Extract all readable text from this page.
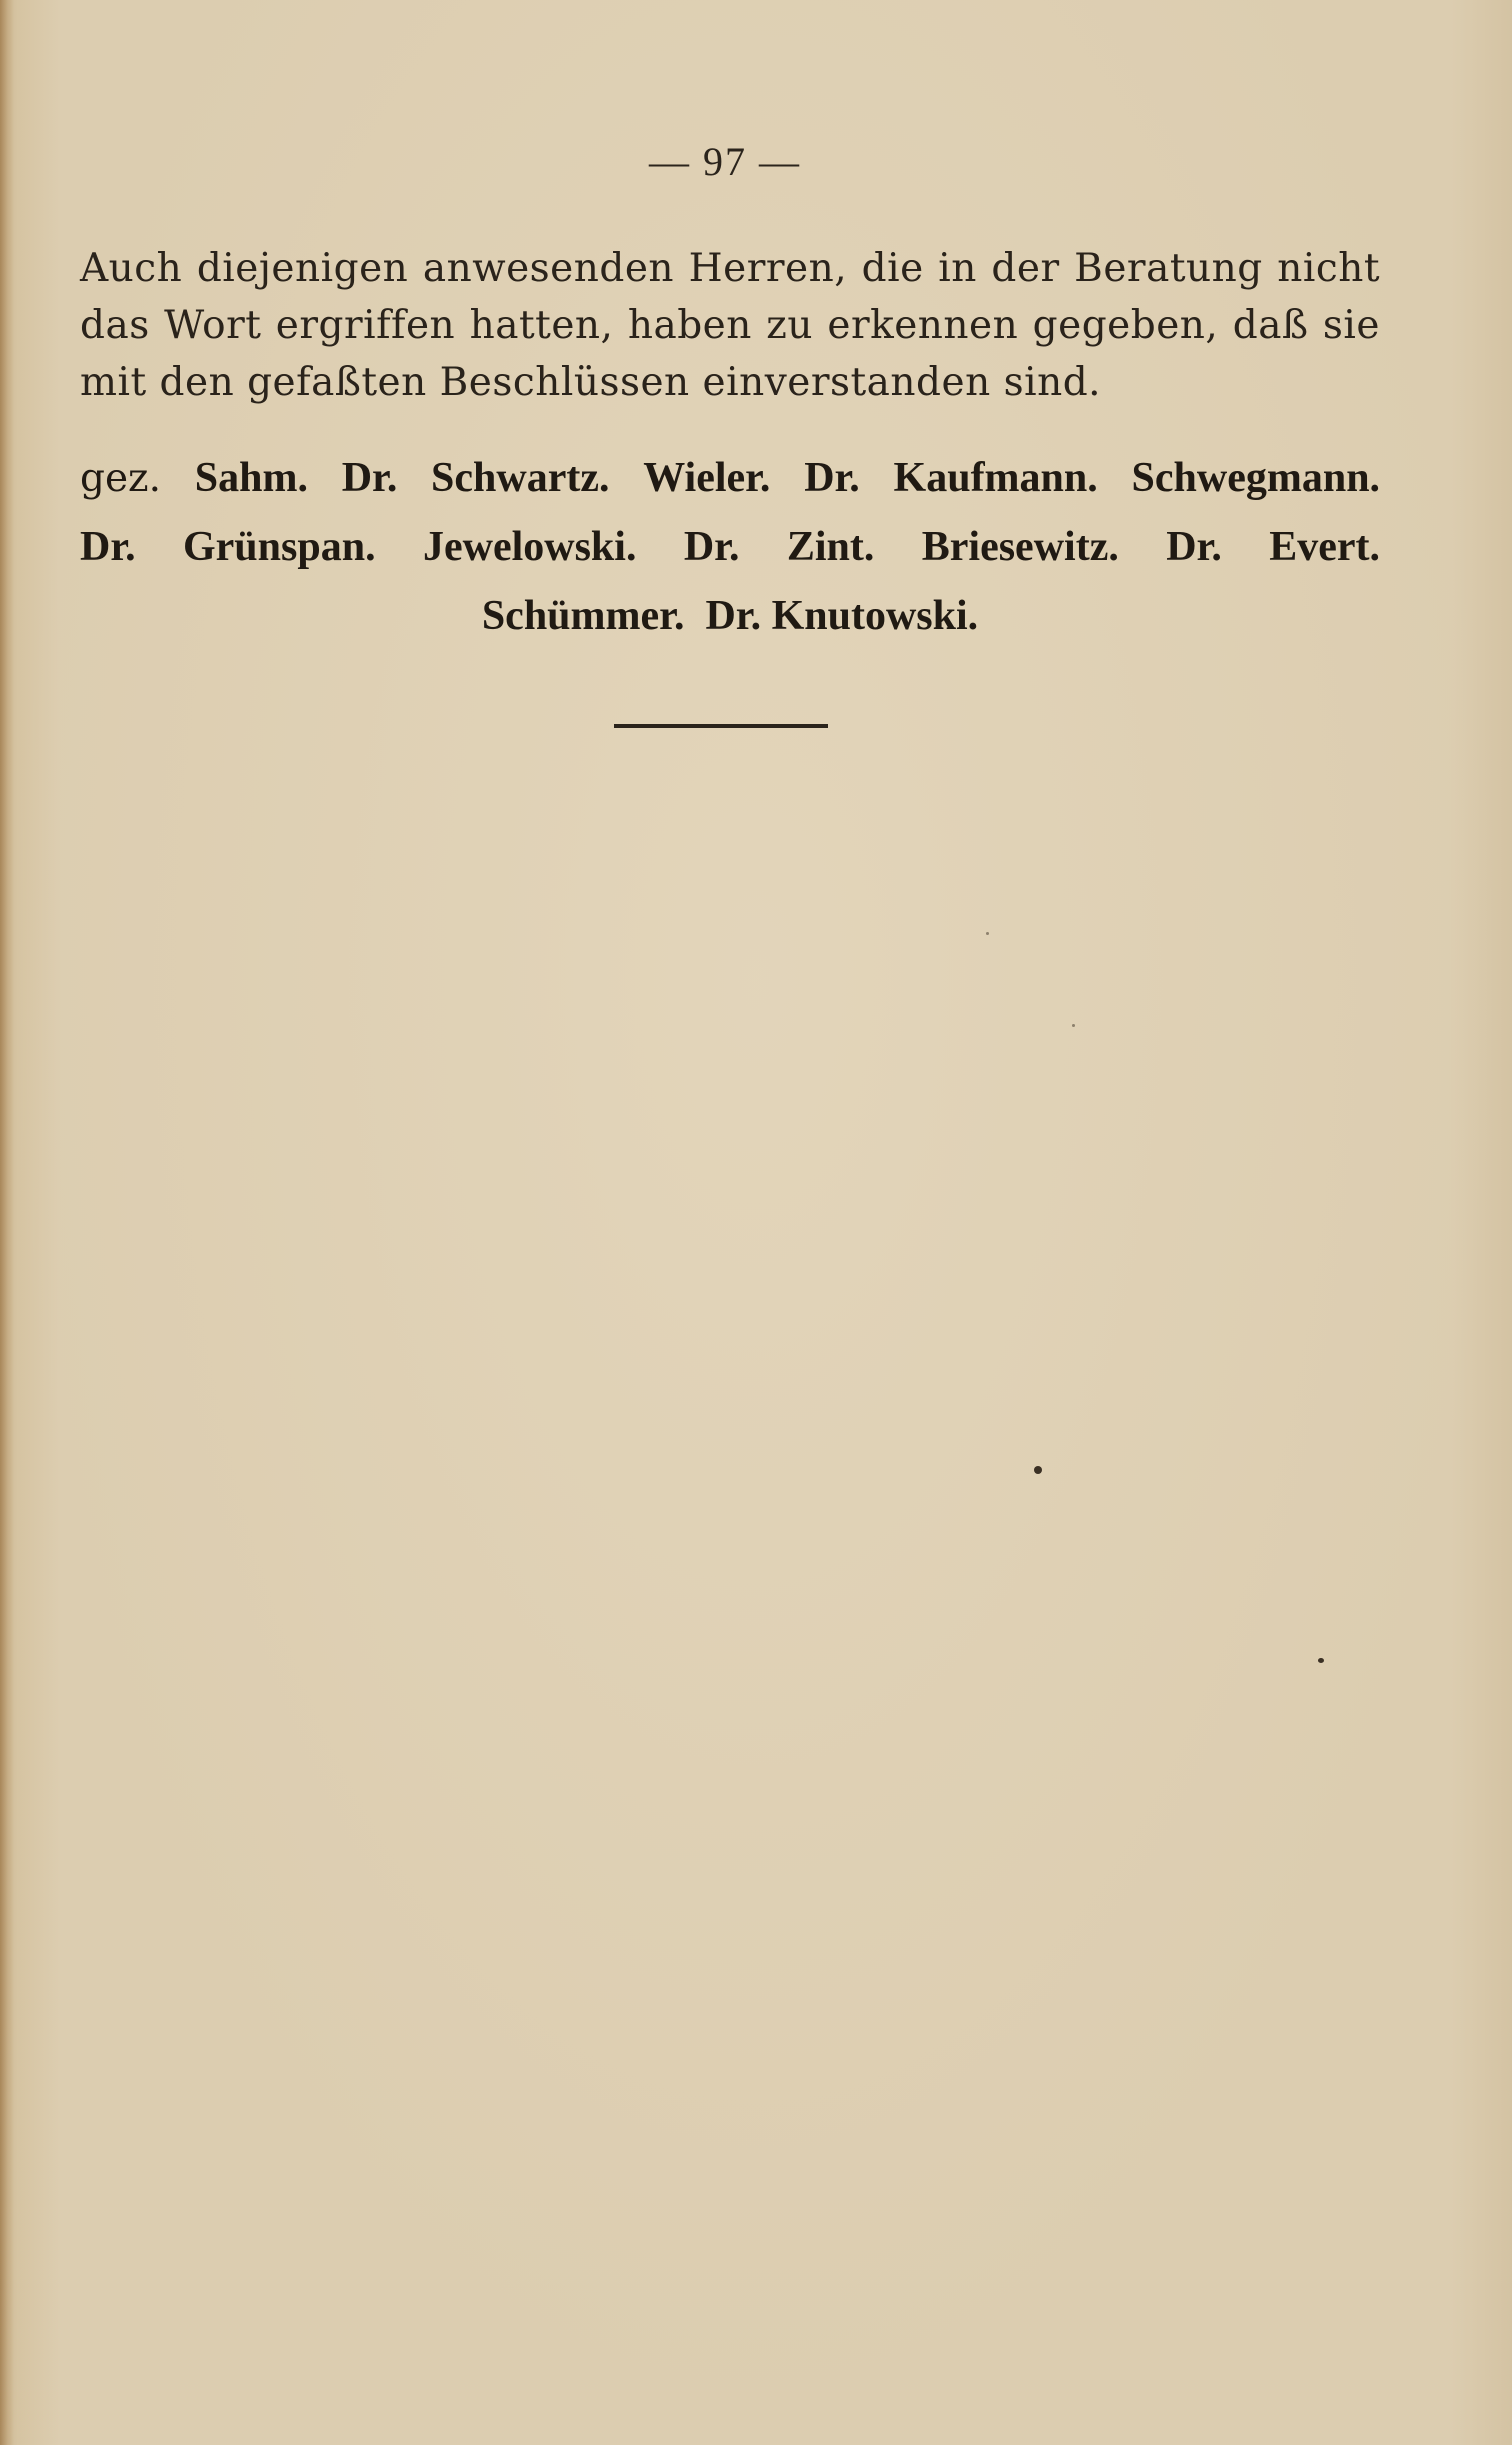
— 97 —
Auch diejenigen anwesenden Herren, die in der Beratung nicht das Wort ergriffen hatten, haben zu erkennen gegeben, daß sie mit den gefaßten Beschlüssen einverstanden sind.
gez. Sahm. Dr. Schwartz. Wieler. Dr. Kaufmann. Schwegmann.
Dr. Grünspan. Jewelowski. Dr. Zint. Briesewitz. Dr. Evert.
Schümmer. Dr. Knutowski.
